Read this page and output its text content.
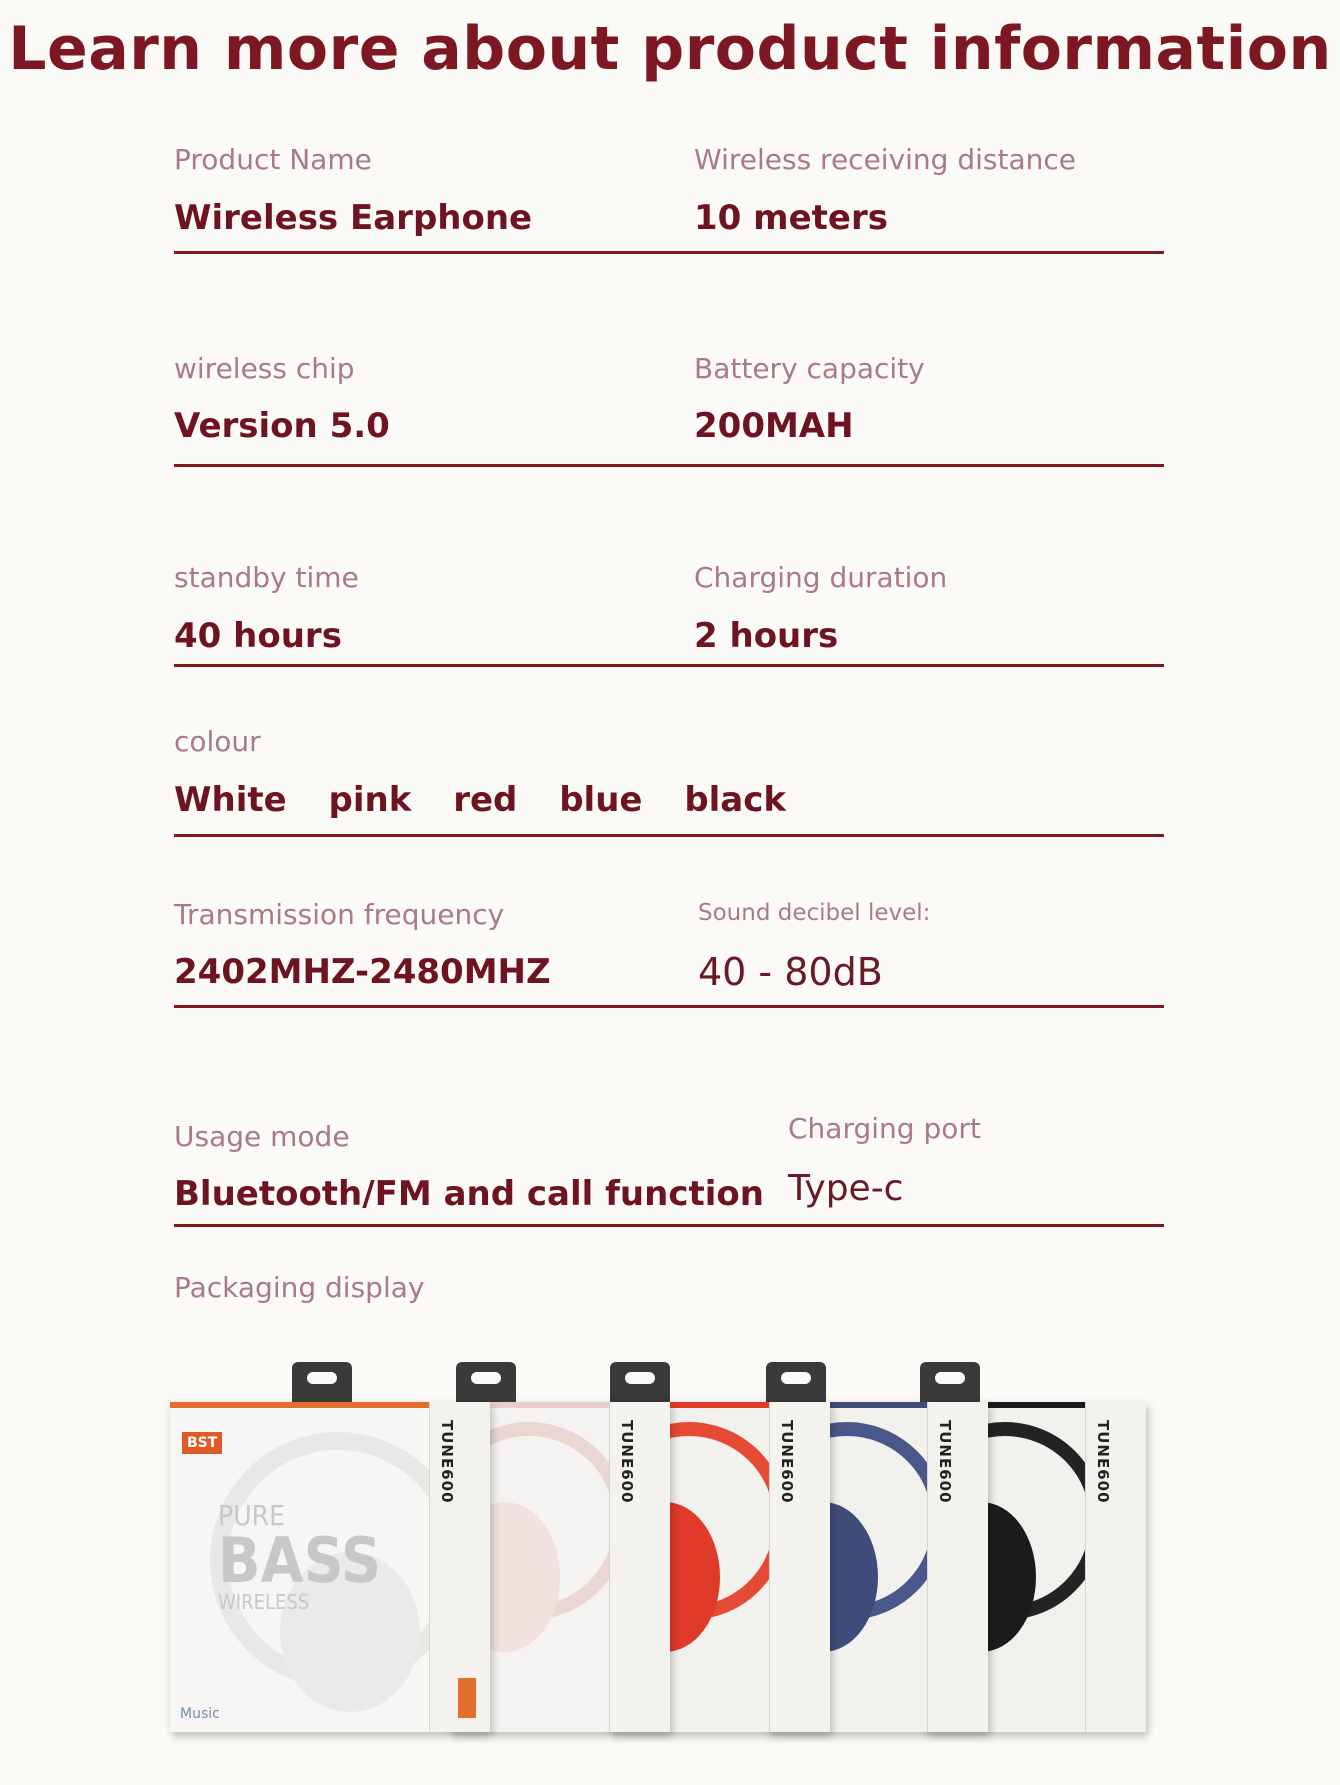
Learn more about product information
Product Name
Wireless Earphone
Wireless receiving distance
10 meters
wireless chip
Version 5.0
Battery capacity
200MAH
standby time
40 hours
Charging duration
2 hours
colour
White pink red blue black
Transmission frequency
2402MHZ-2480MHZ
Sound decibel level:
40 - 80dB
Usage mode
Bluetooth/FM and call function
Charging port
Type-c
Packaging display
TUNE600
TUNE600
TUNE600
TUNE600
BST
PURE
BASS
WIRELESS
Music
TUNE600
